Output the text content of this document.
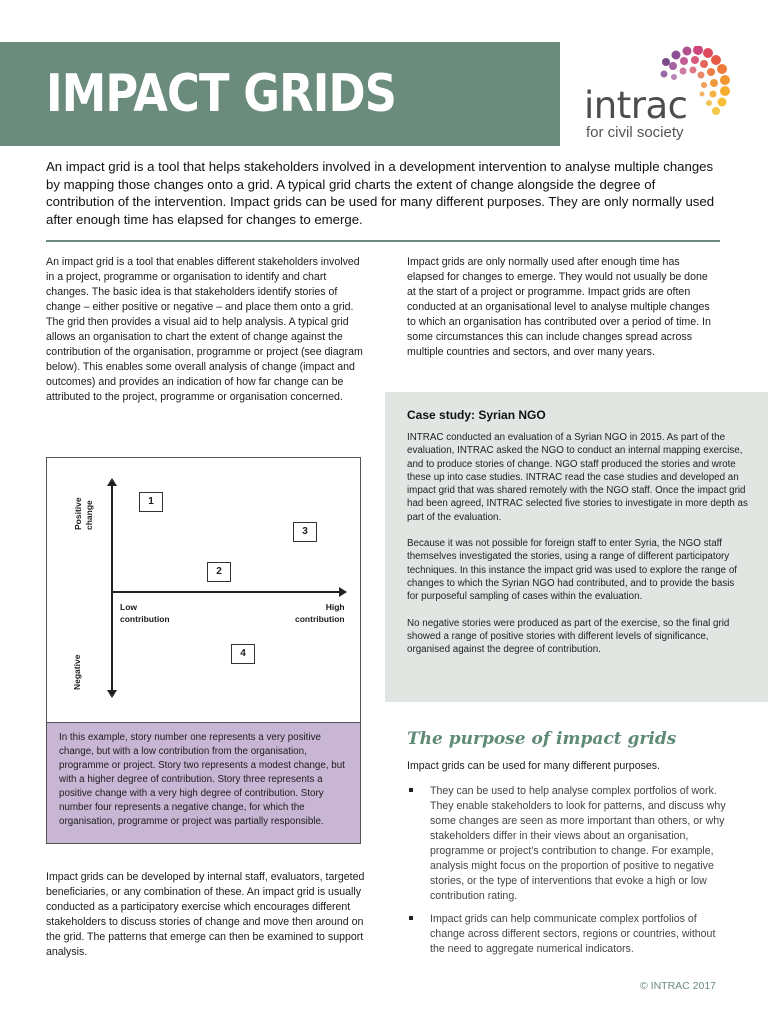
IMPACT GRIDS	intrac
for civil society

An impact grid is a tool that helps stakeholders involved in a development intervention to analyse multiple changes by mapping those changes onto a grid. A typical grid charts the extent of change alongside the degree of contribution of the intervention. Impact grids can be used for many different purposes. They are only normally used after enough time has elapsed for changes to emerge.

An impact grid is a tool that enables different stakeholders involved in a project, programme or organisation to identify and chart changes. The basic idea is that stakeholders identify stories of change – either positive or negative – and place them onto a grid. The grid then provides a visual aid to help analysis. A typical grid allows an organisation to chart the extent of change against the contribution of the organisation, programme or project (see diagram below). This enables some overall analysis of change (impact and outcomes) and provides an indication of how far change can be attributed to the project, programme or organisation concerned.

Positive change
Negative
Low
contribution
High
contribution
1
2
3
4
In this example, story number one represents a very positive change, but with a low contribution from the organisation, programme or project. Story two represents a modest change, but with a higher degree of contribution. Story three represents a positive change with a very high degree of contribution. Story number four represents a negative change, for which the organisation, programme or project was partially responsible.

Impact grids can be developed by internal staff, evaluators, targeted beneficiaries, or any combination of these. An impact grid is usually conducted as a participatory exercise which encourages different stakeholders to discuss stories of change and move then around on the grid. The patterns that emerge can then be examined to support analysis.

Impact grids are only normally used after enough time has elapsed for changes to emerge. They would not usually be done at the start of a project or programme. Impact grids are often conducted at an organisational level to analyse multiple changes to which an organisation has contributed over a period of time. In some circumstances this can include changes spread across multiple countries and sectors, and over many years.

Case study: Syrian NGO

INTRAC conducted an evaluation of a Syrian NGO in 2015. As part of the evaluation, INTRAC asked the NGO to conduct an internal mapping exercise, and to produce stories of change. NGO staff produced the stories and wrote these up into case studies. INTRAC read the case studies and developed an impact grid that was shared remotely with the NGO staff. Once the impact grid had been agreed, INTRAC selected five stories to investigate in more depth as part of the evaluation.

Because it was not possible for foreign staff to enter Syria, the NGO staff themselves investigated the stories, using a range of different participatory techniques. In this instance the impact grid was used to explore the range of changes to which the Syrian NGO had contributed, and to provide the basis for purposeful sampling of cases within the evaluation.

No negative stories were produced as part of the exercise, so the final grid showed a range of positive stories with different levels of significance, organised against the degree of contribution.

The purpose of impact grids

Impact grids can be used for many different purposes.

They can be used to help analyse complex portfolios of work. They enable stakeholders to look for patterns, and discuss why some changes are seen as more important than others, or why stakeholders differ in their views about an organisation, programme or project’s contribution to change. For example, analysis might focus on the proportion of positive to negative stories, or the type of interventions that evoke a high or low contribution rating.
Impact grids can help communicate complex portfolios of change across different sectors, regions or countries, without the need to aggregate numerical indicators.
© INTRAC 2017
